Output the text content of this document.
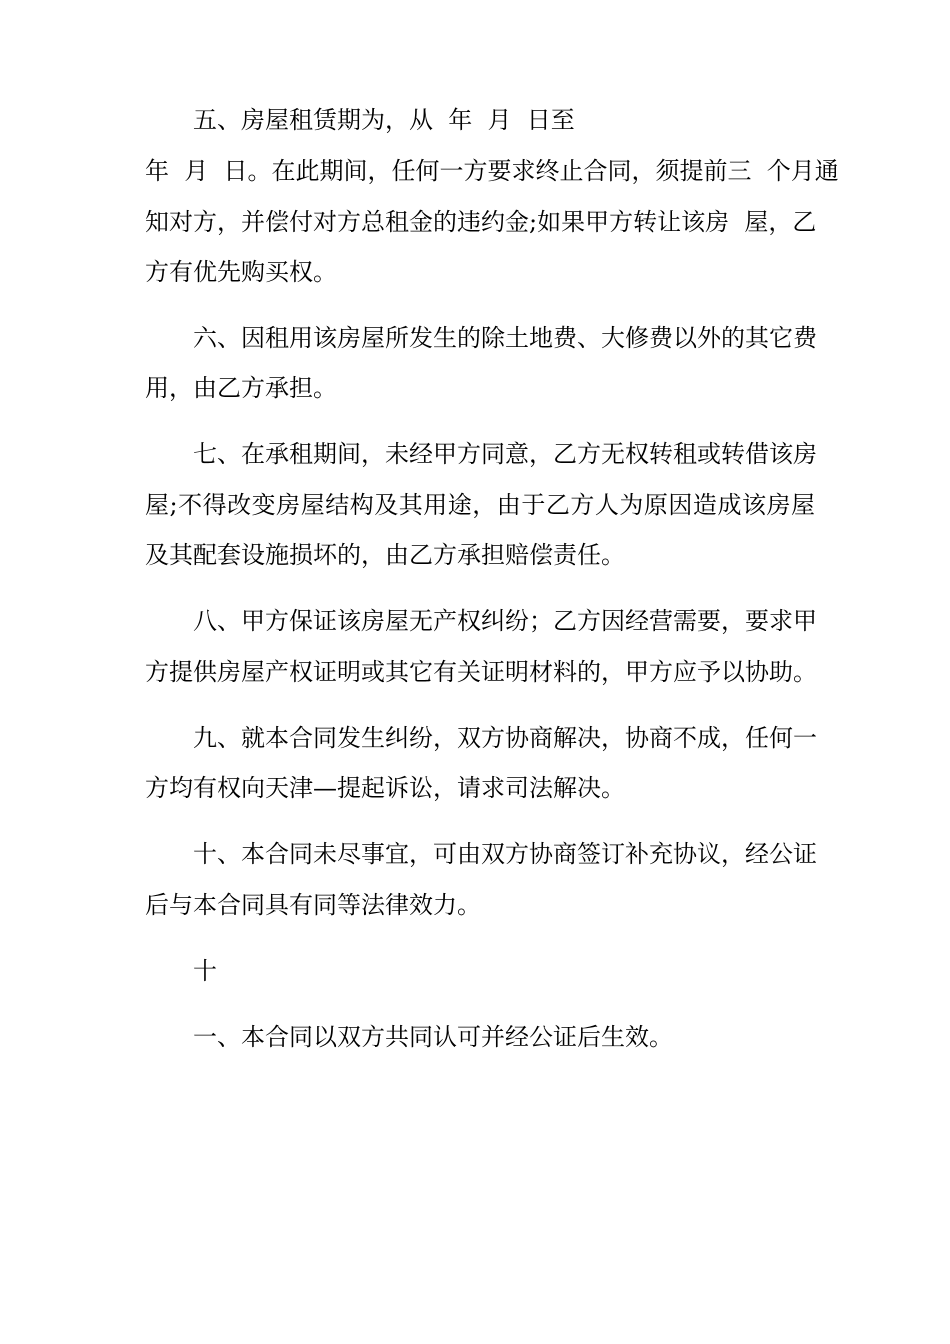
五、房屋租赁期为，从  年  月  日至
年  月  日。在此期间，任何一方要求终止合同，须提前三  个月通
知对方，并偿付对方总租金的违约金;如果甲方转让该房  屋，乙
方有优先购买权。
六、因租用该房屋所发生的除土地费、大修费以外的其它费
用，由乙方承担。
七、在承租期间，未经甲方同意，乙方无权转租或转借该房
屋;不得改变房屋结构及其用途，由于乙方人为原因造成该房屋
及其配套设施损坏的，由乙方承担赔偿责任。
八、甲方保证该房屋无产权纠纷；乙方因经营需要，要求甲
方提供房屋产权证明或其它有关证明材料的，甲方应予以协助。
九、就本合同发生纠纷，双方协商解决，协商不成，任何一
方均有权向天津—提起诉讼，请求司法解决。
十、本合同未尽事宜，可由双方协商签订补充协议，经公证
后与本合同具有同等法律效力。
十
一、本合同以双方共同认可并经公证后生效。
